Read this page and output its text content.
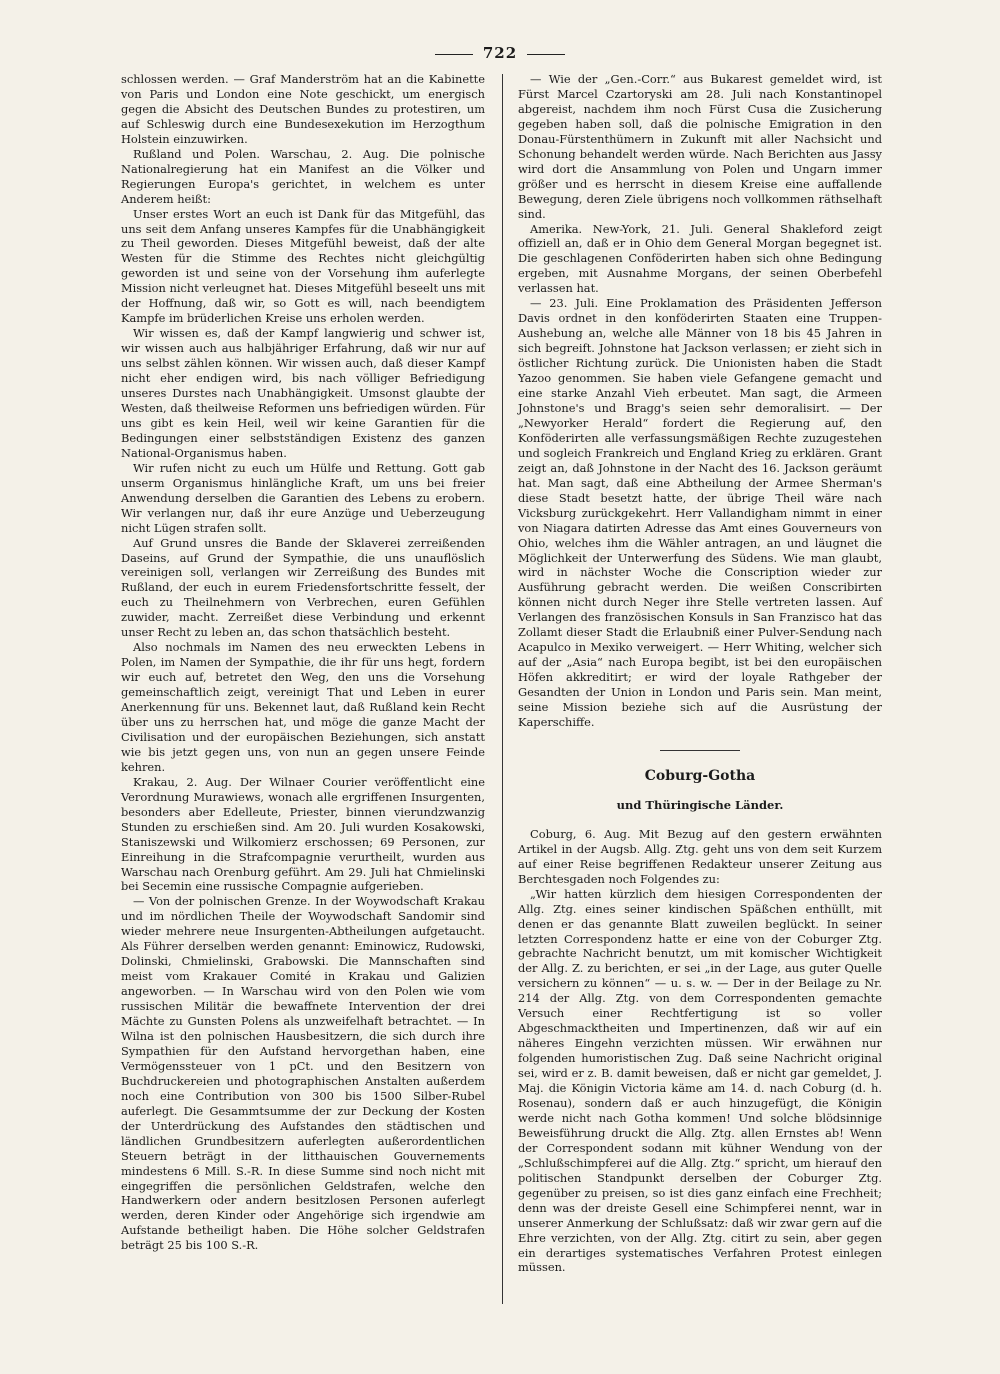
722

schlossen werden. — Graf Manderström hat an die Kabinette von Paris und London eine Note geschickt, um energisch gegen die Absicht des Deutschen Bundes zu protestiren, um auf Schleswig durch eine Bundesexekution im Herzogthum Holstein einzuwirken.

Rußland und Polen. Warschau, 2. Aug. Die polnische Nationalregierung hat ein Manifest an die Völker und Regierungen Europa's gerichtet, in welchem es unter Anderem heißt:

Unser erstes Wort an euch ist Dank für das Mitgefühl, das uns seit dem Anfang unseres Kampfes für die Unabhängigkeit zu Theil geworden. Dieses Mitgefühl beweist, daß der alte Westen für die Stimme des Rechtes nicht gleichgültig geworden ist und seine von der Vorsehung ihm auferlegte Mission nicht verleugnet hat. Dieses Mitgefühl beseelt uns mit der Hoffnung, daß wir, so Gott es will, nach beendigtem Kampfe im brüderlichen Kreise uns erholen werden.

Wir wissen es, daß der Kampf langwierig und schwer ist, wir wissen auch aus halbjähriger Erfahrung, daß wir nur auf uns selbst zählen können. Wir wissen auch, daß dieser Kampf nicht eher endigen wird, bis nach völliger Befriedigung unseres Durstes nach Unabhängigkeit. Umsonst glaubte der Westen, daß theilweise Reformen uns befriedigen würden. Für uns gibt es kein Heil, weil wir keine Garantien für die Bedingungen einer selbstständigen Existenz des ganzen National-Organismus haben.

Wir rufen nicht zu euch um Hülfe und Rettung. Gott gab unserm Organismus hinlängliche Kraft, um uns bei freier Anwendung derselben die Garantien des Lebens zu erobern. Wir verlangen nur, daß ihr eure Anzüge und Ueberzeugung nicht Lügen strafen sollt.

Auf Grund unsres die Bande der Sklaverei zerreißenden Daseins, auf Grund der Sympathie, die uns unauflöslich vereinigen soll, verlangen wir Zerreißung des Bundes mit Rußland, der euch in eurem Friedensfortschritte fesselt, der euch zu Theilnehmern von Verbrechen, euren Gefühlen zuwider, macht. Zerreißet diese Verbindung und erkennt unser Recht zu leben an, das schon thatsächlich besteht.

Also nochmals im Namen des neu erweckten Lebens in Polen, im Namen der Sympathie, die ihr für uns hegt, fordern wir euch auf, betretet den Weg, den uns die Vorsehung gemeinschaftlich zeigt, vereinigt That und Leben in eurer Anerkennung für uns. Bekennet laut, daß Rußland kein Recht über uns zu herrschen hat, und möge die ganze Macht der Civilisation und der europäischen Beziehungen, sich anstatt wie bis jetzt gegen uns, von nun an gegen unsere Feinde kehren.

Krakau, 2. Aug. Der Wilnaer Courier veröffentlicht eine Verordnung Murawiews, wonach alle ergriffenen Insurgenten, besonders aber Edelleute, Priester, binnen vierundzwanzig Stunden zu erschießen sind. Am 20. Juli wurden Kosakowski, Staniszewski und Wilkomierz erschossen; 69 Personen, zur Einreihung in die Strafcompagnie verurtheilt, wurden aus Warschau nach Orenburg geführt. Am 29. Juli hat Chmielinski bei Secemin eine russische Compagnie aufgerieben.

— Von der polnischen Grenze. In der Woywodschaft Krakau und im nördlichen Theile der Woywodschaft Sandomir sind wieder mehrere neue Insurgenten-Abtheilungen aufgetaucht. Als Führer derselben werden genannt: Eminowicz, Rudowski, Dolinski, Chmielinski, Grabowski. Die Mannschaften sind meist vom Krakauer Comité in Krakau und Galizien angeworben. — In Warschau wird von den Polen wie vom russischen Militär die bewaffnete Intervention der drei Mächte zu Gunsten Polens als unzweifelhaft betrachtet. — In Wilna ist den polnischen Hausbesitzern, die sich durch ihre Sympathien für den Aufstand hervorgethan haben, eine Vermögenssteuer von 1 pCt. und den Besitzern von Buchdruckereien und photographischen Anstalten außerdem noch eine Contribution von 300 bis 1500 Silber-Rubel auferlegt. Die Gesammtsumme der zur Deckung der Kosten der Unterdrückung des Aufstandes den städtischen und ländlichen Grundbesitzern auferlegten außerordentlichen Steuern beträgt in der litthauischen Gouvernements mindestens 6 Mill. S.-R. In diese Summe sind noch nicht mit eingegriffen die persönlichen Geldstrafen, welche den Handwerkern oder andern besitzlosen Personen auferlegt werden, deren Kinder oder Angehörige sich irgendwie am Aufstande betheiligt haben. Die Höhe solcher Geldstrafen beträgt 25 bis 100 S.-R.

— Wie der „Gen.-Corr.“ aus Bukarest gemeldet wird, ist Fürst Marcel Czartoryski am 28. Juli nach Konstantinopel abgereist, nachdem ihm noch Fürst Cusa die Zusicherung gegeben haben soll, daß die polnische Emigration in den Donau-Fürstenthümern in Zukunft mit aller Nachsicht und Schonung behandelt werden würde. Nach Berichten aus Jassy wird dort die Ansammlung von Polen und Ungarn immer größer und es herrscht in diesem Kreise eine auffallende Bewegung, deren Ziele übrigens noch vollkommen räthselhaft sind.

Amerika. New-York, 21. Juli. General Shakleford zeigt offiziell an, daß er in Ohio dem General Morgan begegnet ist. Die geschlagenen Conföderirten haben sich ohne Bedingung ergeben, mit Ausnahme Morgans, der seinen Oberbefehl verlassen hat.

— 23. Juli. Eine Proklamation des Präsidenten Jefferson Davis ordnet in den konföderirten Staaten eine Truppen-Aushebung an, welche alle Männer von 18 bis 45 Jahren in sich begreift. Johnstone hat Jackson verlassen; er zieht sich in östlicher Richtung zurück. Die Unionisten haben die Stadt Yazoo genommen. Sie haben viele Gefangene gemacht und eine starke Anzahl Vieh erbeutet. Man sagt, die Armeen Johnstone's und Bragg's seien sehr demoralisirt. — Der „Newyorker Herald“ fordert die Regierung auf, den Konföderirten alle verfassungsmäßigen Rechte zuzugestehen und sogleich Frankreich und England Krieg zu erklären. Grant zeigt an, daß Johnstone in der Nacht des 16. Jackson geräumt hat. Man sagt, daß eine Abtheilung der Armee Sherman's diese Stadt besetzt hatte, der übrige Theil wäre nach Vicksburg zurückgekehrt. Herr Vallandigham nimmt in einer von Niagara datirten Adresse das Amt eines Gouverneurs von Ohio, welches ihm die Wähler antragen, an und läugnet die Möglichkeit der Unterwerfung des Südens. Wie man glaubt, wird in nächster Woche die Conscription wieder zur Ausführung gebracht werden. Die weißen Conscribirten können nicht durch Neger ihre Stelle vertreten lassen. Auf Verlangen des französischen Konsuls in San Franzisco hat das Zollamt dieser Stadt die Erlaubniß einer Pulver-Sendung nach Acapulco in Mexiko verweigert. — Herr Whiting, welcher sich auf der „Asia“ nach Europa begibt, ist bei den europäischen Höfen akkreditirt; er wird der loyale Rathgeber der Gesandten der Union in London und Paris sein. Man meint, seine Mission beziehe sich auf die Ausrüstung der Kaperschiffe.

Coburg-Gotha
und Thüringische Länder.

Coburg, 6. Aug. Mit Bezug auf den gestern erwähnten Artikel in der Augsb. Allg. Ztg. geht uns von dem seit Kurzem auf einer Reise begriffenen Redakteur unserer Zeitung aus Berchtesgaden noch Folgendes zu:

„Wir hatten kürzlich dem hiesigen Correspondenten der Allg. Ztg. eines seiner kindischen Späßchen enthüllt, mit denen er das genannte Blatt zuweilen beglückt. In seiner letzten Correspondenz hatte er eine von der Coburger Ztg. gebrachte Nachricht benutzt, um mit komischer Wichtigkeit der Allg. Z. zu berichten, er sei „in der Lage, aus guter Quelle versichern zu können“ — u. s. w. — Der in der Beilage zu Nr. 214 der Allg. Ztg. von dem Correspondenten gemachte Versuch einer Rechtfertigung ist so voller Abgeschmacktheiten und Impertinenzen, daß wir auf ein näheres Eingehn verzichten müssen. Wir erwähnen nur folgenden humoristischen Zug. Daß seine Nachricht original sei, wird er z. B. damit beweisen, daß er nicht gar gemeldet, J. Maj. die Königin Victoria käme am 14. d. nach Coburg (d. h. Rosenau), sondern daß er auch hinzugefügt, die Königin werde nicht nach Gotha kommen! Und solche blödsinnige Beweisführung druckt die Allg. Ztg. allen Ernstes ab! Wenn der Correspondent sodann mit kühner Wendung von der „Schlußschimpferei auf die Allg. Ztg.“ spricht, um hierauf den politischen Standpunkt derselben der Coburger Ztg. gegenüber zu preisen, so ist dies ganz einfach eine Frechheit; denn was der dreiste Gesell eine Schimpferei nennt, war in unserer Anmerkung der Schlußsatz: daß wir zwar gern auf die Ehre verzichten, von der Allg. Ztg. citirt zu sein, aber gegen ein derartiges systematisches Verfahren Protest einlegen müssen.
